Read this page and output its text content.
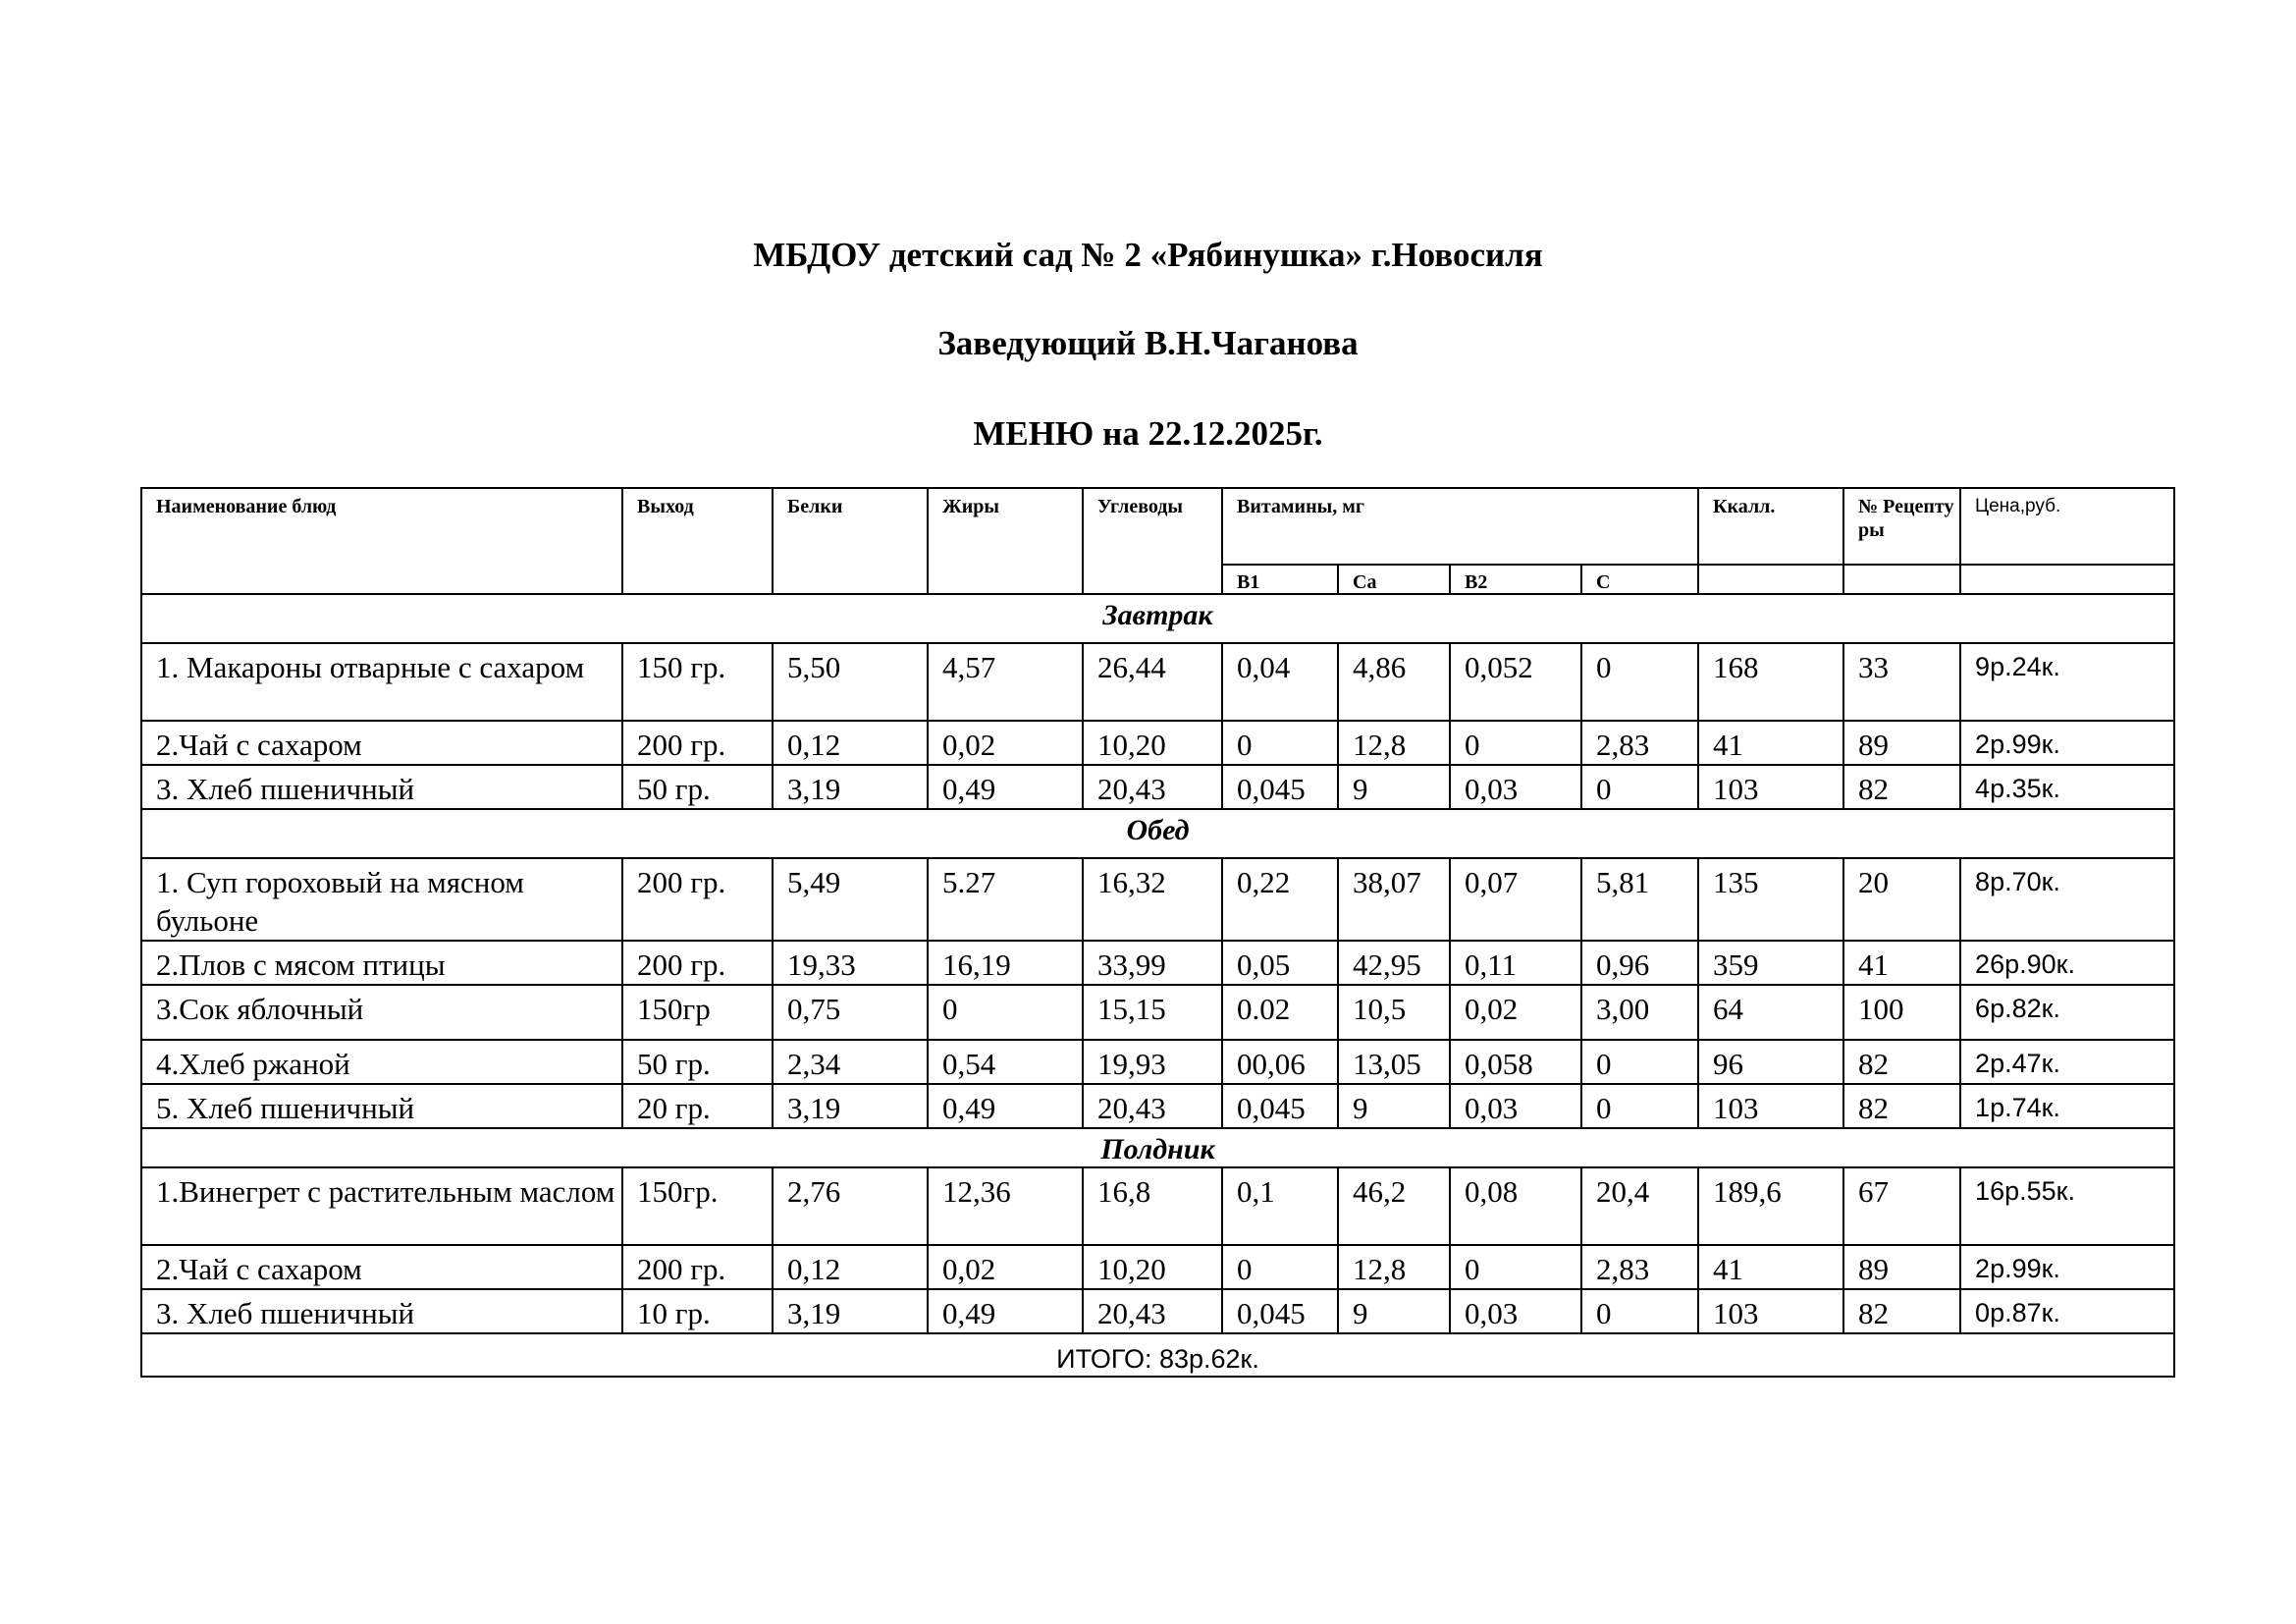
МБДОУ детский сад № 2 «Рябинушка» г.Новосиля
Заведующий В.Н.Чаганова
МЕНЮ на 22.12.2025г.
Наименование блюд	Выход	Белки	Жиры	Углеводы	Витамины, мг				Ккалл.	№ Рецепту ры	Цена,руб.
					В1	Са	В2	С			
Завтрак											
1. Макароны отварные с сахаром	150 гр.	5,50	4,57	26,44	0,04	4,86	0,052	0	168	33	9р.24к.
2.Чай с сахаром	200 гр.	0,12	0,02	10,20	0	12,8	0	2,83	41	89	2р.99к.
3. Хлеб пшеничный	50 гр.	3,19	0,49	20,43	0,045	9	0,03	0	103	82	4р.35к.
Обед											
1. Суп гороховый на мясном бульоне	200 гр.	5,49	5.27	16,32	0,22	38,07	0,07	5,81	135	20	8р.70к.
2.Плов с мясом птицы	200 гр.	19,33	16,19	33,99	0,05	42,95	0,11	0,96	359	41	26р.90к.
3.Сок яблочный	150гр	0,75	0	15,15	0.02	10,5	0,02	3,00	64	100	6р.82к.
4.Хлеб ржаной	50 гр.	2,34	0,54	19,93	00,06	13,05	0,058	0	96	82	2р.47к.
5. Хлеб пшеничный	20 гр.	3,19	0,49	20,43	0,045	9	0,03	0	103	82	1р.74к.
Полдник											
1.Винегрет с растительным маслом	150гр.	2,76	12,36	16,8	0,1	46,2	0,08	20,4	189,6	67	16р.55к.
2.Чай с сахаром	200 гр.	0,12	0,02	10,20	0	12,8	0	2,83	41	89	2р.99к.
3. Хлеб пшеничный	10 гр.	3,19	0,49	20,43	0,045	9	0,03	0	103	82	0р.87к.
ИТОГО: 83р.62к.											
